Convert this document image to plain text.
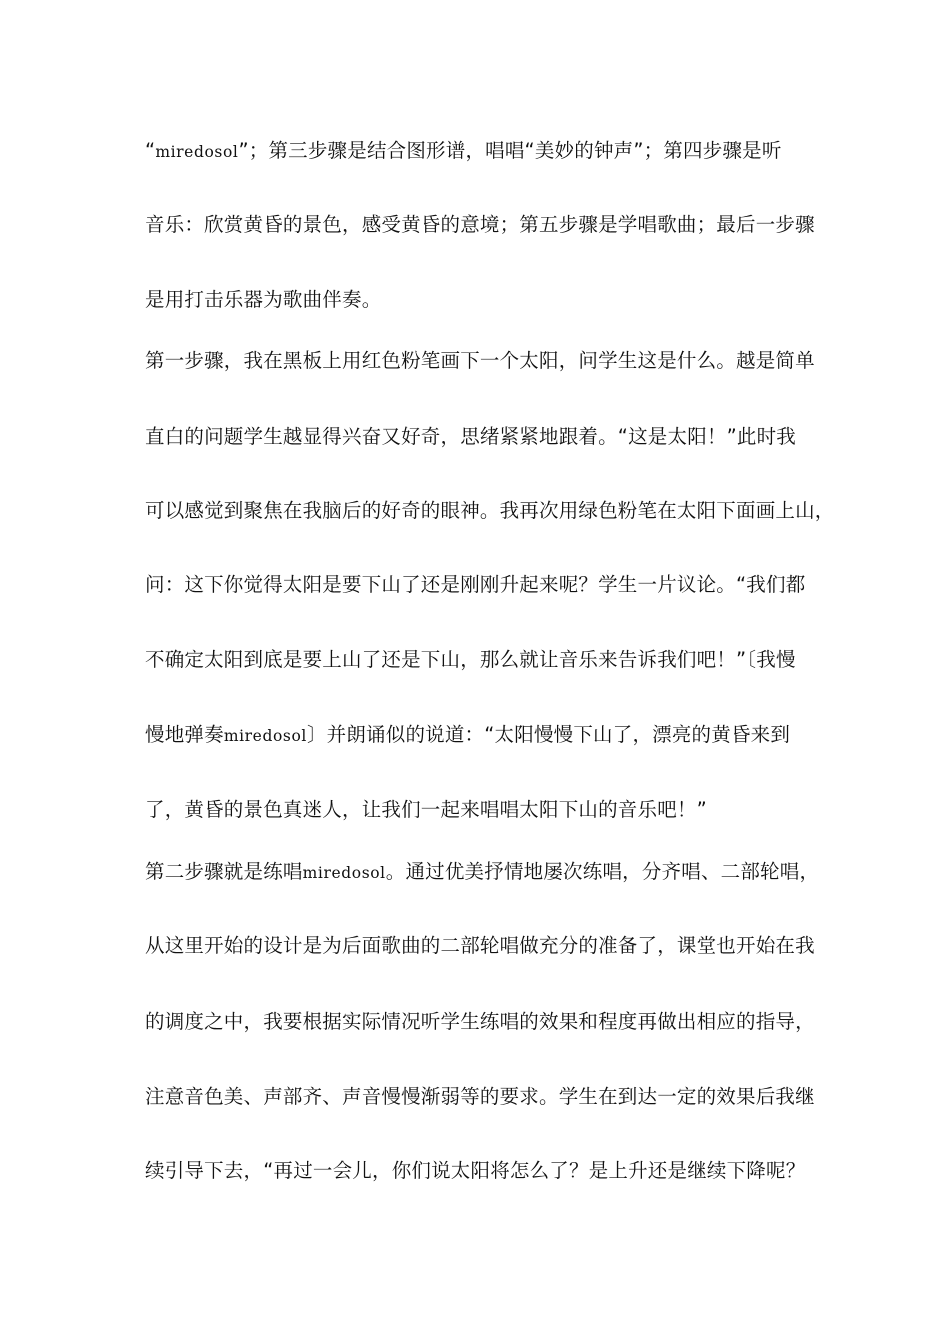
“miredosol”；第三步骤是结合图形谱，唱唱“美妙的钟声”；第四步骤是听
音乐：欣赏黄昏的景色，感受黄昏的意境；第五步骤是学唱歌曲；最后一步骤
是用打击乐器为歌曲伴奏。
第一步骤，我在黑板上用红色粉笔画下一个太阳，问学生这是什么。越是简单
直白的问题学生越显得兴奋又好奇，思绪紧紧地跟着。“这是太阳！”此时我
可以感觉到聚焦在我脑后的好奇的眼神。我再次用绿色粉笔在太阳下面画上山，
问：这下你觉得太阳是要下山了还是刚刚升起来呢？学生一片议论。“我们都
不确定太阳到底是要上山了还是下山，那么就让音乐来告诉我们吧！”〔我慢
慢地弹奏miredosol〕并朗诵似的说道：“太阳慢慢下山了，漂亮的黄昏来到
了，黄昏的景色真迷人，让我们一起来唱唱太阳下山的音乐吧！”
第二步骤就是练唱miredosol。通过优美抒情地屡次练唱，分齐唱、二部轮唱，
从这里开始的设计是为后面歌曲的二部轮唱做充分的准备了，课堂也开始在我
的调度之中，我要根据实际情况听学生练唱的效果和程度再做出相应的指导，
注意音色美、声部齐、声音慢慢渐弱等的要求。学生在到达一定的效果后我继
续引导下去，“再过一会儿，你们说太阳将怎么了？是上升还是继续下降呢？
